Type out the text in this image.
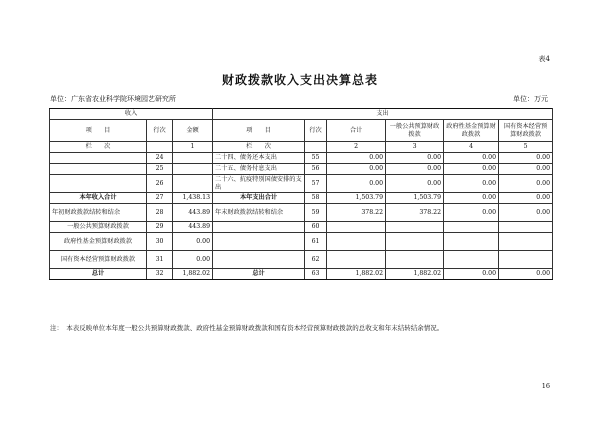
表4
财政拨款收入支出决算总表
单位：广东省农业科学院环境园艺研究所	单位：万元
收入			支出					
项　　目	行次	金额	项　　目	行次	合计	一般公共预算财政拨款	政府性基金预算财政拨款	国有资本经营预算财政拨款
栏　　次		1	栏　　次		2	3	4	5
	24		二十四、债务还本支出	55	0.00	0.00	0.00	0.00
	25		二十五、债务付息支出	56	0.00	0.00	0.00	0.00
	26		二十六、抗疫特别国债安排的支出	57	0.00	0.00	0.00	0.00
本年收入合计	27	1,438.13	本年支出合计	58	1,503.79	1,503.79	0.00	0.00
年初财政拨款结转和结余	28	443.89	年末财政拨款结转和结余	59	378.22	378.22	0.00	0.00
一般公共预算财政拨款	29	443.89		60				
政府性基金预算财政拨款	30	0.00		61				
国有资本经营预算财政拨款	31	0.00		62				
总计	32	1,882.02	总计	63	1,882.02	1,882.02	0.00	0.00
注：　本表反映单位本年度一般公共预算财政拨款、政府性基金预算财政拨款和国有资本经营预算财政拨款的总收支和年末结转结余情况。
16
